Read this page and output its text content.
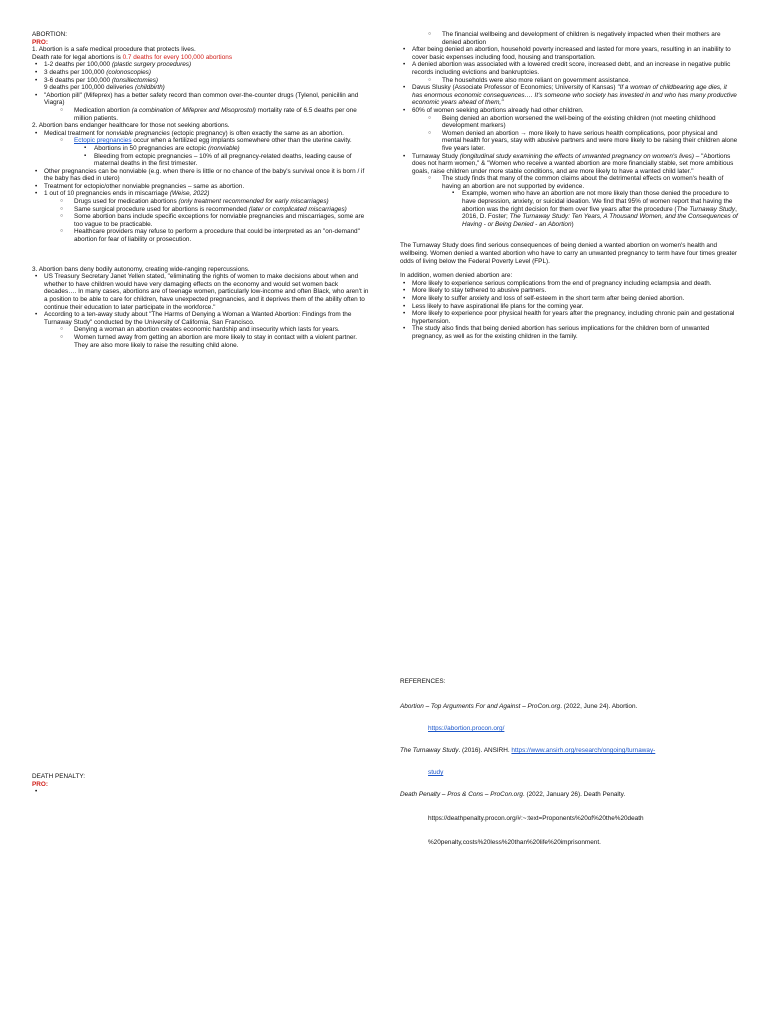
ABORTION:
PRO:
1. Abortion is a safe medical procedure that protects lives.
Death rate for legal abortions is 0.7 deaths for every 100,000 abortions
• 1-2 deaths per 100,000 (plastic surgery procedures)
• 3 deaths per 100,000 (colonoscopies)
• 3-6 deaths per 100,000 (tonsillectomies)
9 deaths per 100,000 deliveries (childbirth)
• "Abortion pill" (Mifeprex) has a better safety record than common over-the-counter drugs (Tylenol, penicillin and Viagra)
○ Medication abortion (a combination of Mifeprex and Misoprostol) mortality rate of 6.5 deaths per one million patients.
2. Abortion bans endanger healthcare for those not seeking abortions.
• Medical treatment for nonviable pregnancies (ectopic pregnancy) is often exactly the same as an abortion.
○ Ectopic pregnancies occur when a fertilized egg implants somewhere other than the uterine cavity.
▪ Abortions in 50 pregnancies are ectopic (nonviable)
▪ Bleeding from ectopic pregnancies – 10% of all pregnancy-related deaths, leading cause of maternal deaths in the first trimester.
• Other pregnancies can be nonviable (e.g. when there is little or no chance of the baby's survival once it is born / if the baby has died in utero)
• Treatment for ectopic/other nonviable pregnancies – same as abortion.
• 1 out of 10 pregnancies ends in miscarriage (Weise, 2022)
○ Drugs used for medication abortions (only treatment recommended for early miscarriages)
○ Same surgical procedure used for abortions is recommended (later or complicated miscarriages)
○ Some abortion bans include specific exceptions for nonviable pregnancies and miscarriages, some are too vague to be practicable.
○ Healthcare providers may refuse to perform a procedure that could be interpreted as an "on-demand" abortion for fear of liability or prosecution.
3. Abortion bans deny bodily autonomy, creating wide-ranging repercussions.
• US Treasury Secretary Janet Yellen stated, "eliminating the rights of women to make decisions about when and whether to have children would have very damaging effects on the economy and would set women back decades…. In many cases, abortions are of teenage women, particularly low-income and often Black, who aren't in a position to be able to care for children, have unexpected pregnancies, and it deprives them of the ability often to continue their education to later participate in the workforce."
• According to a ten-away study about "The Harms of Denying a Woman a Wanted Abortion: Findings from the Turnaway Study" conducted by the University of California, San Francisco.
○ Denying a woman an abortion creates economic hardship and insecurity which lasts for years.
○ Women turned away from getting an abortion are more likely to stay in contact with a violent partner. They are also more likely to raise the resulting child alone.
DEATH PENALTY:
PRO:
•
○ The financial wellbeing and development of children is negatively impacted when their mothers are denied abortion
• After being denied an abortion, household poverty increased and lasted for more years, resulting in an inability to cover basic expenses including food, housing and transportation.
• A denied abortion was associated with a lowered credit score, increased debt, and an increase in negative public records including evictions and bankruptcies.
○ The households were also more reliant on government assistance.
• Davus Slusky (Associate Professor of Economics; University of Kansas) "If a woman of childbearing age dies, it has enormous economic consequences…. It's someone who society has invested in and who has many productive economic years ahead of them,"
• 60% of women seeking abortions already had other children.
○ Being denied an abortion worsened the well-being of the existing children (not meeting childhood development markers)
○ Women denied an abortion → more likely to have serious health complications, poor physical and mental health for years, stay with abusive partners and were more likely to be raising their children alone five years later.
• Turnaway Study (longitudinal study examining the effects of unwanted pregnancy on women's lives) – "Abortions does not harm women," & "Women who receive a wanted abortion are more financially stable, set more ambitious goals, raise children under more stable conditions, and are more likely to have a wanted child later."
○ The study finds that many of the common claims about the detrimental effects on women's health of having an abortion are not supported by evidence.
▪ Example, women who have an abortion are not more likely than those denied the procedure to have depression, anxiety, or suicidal ideation. We find that 95% of women report that having the abortion was the right decision for them over five years after the procedure (The Turnaway Study, 2016, D. Foster; The Turnaway Study: Ten Years, A Thousand Women, and the Consequences of Having - or Being Denied - an Abortion)
The Turnaway Study does find serious consequences of being denied a wanted abortion on women's health and wellbeing. Women denied a wanted abortion who have to carry an unwanted pregnancy to term have four times greater odds of living below the Federal Poverty Level (FPL).
In addition, women denied abortion are:
• More likely to experience serious complications from the end of pregnancy including eclampsia and death.
• More likely to stay tethered to abusive partners.
• More likely to suffer anxiety and loss of self-esteem in the short term after being denied abortion.
• Less likely to have aspirational life plans for the coming year.
• More likely to experience poor physical health for years after the pregnancy, including chronic pain and gestational hypertension.
• The study also finds that being denied abortion has serious implications for the children born of unwanted pregnancy, as well as for the existing children in the family.
REFERENCES:
Abortion – Top Arguments For and Against – ProCon.org. (2022, June 24). Abortion.
https://abortion.procon.org/
The Turnaway Study. (2016). ANSIRH. https://www.ansirh.org/research/ongoing/turnaway-
study
Death Penalty – Pros & Cons – ProCon.org. (2022, January 26). Death Penalty.
https://deathpenalty.procon.org/#:~:text=Proponents%20of%20the%20death
%20penalty,costs%20less%20than%20life%20imprisonment.
